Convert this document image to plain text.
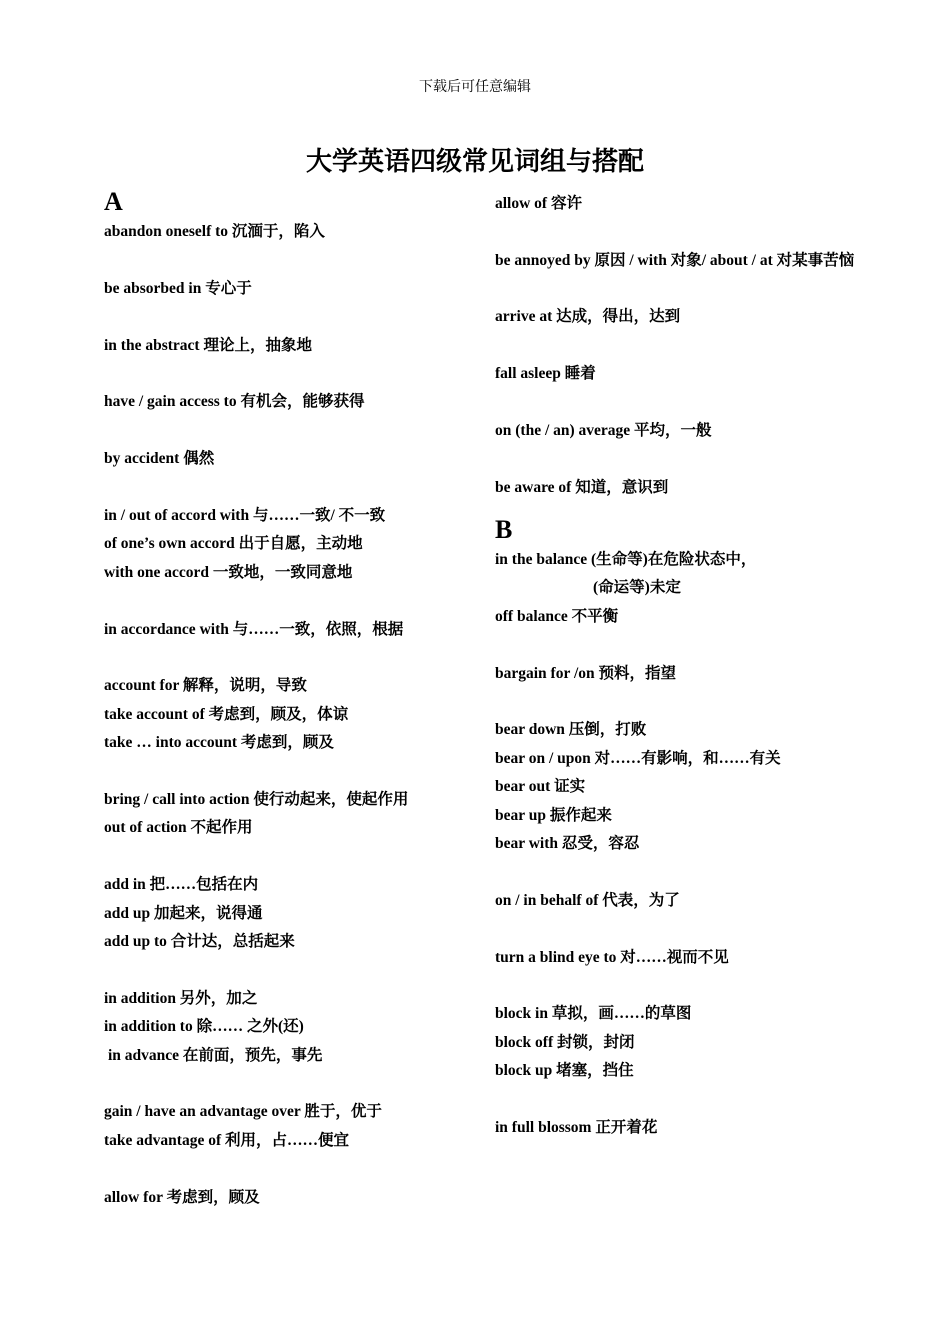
下载后可任意编辑
大学英语四级常见词组与搭配
A
abandon oneself to 沉湎于，陷入
be absorbed in 专心于
in the abstract 理论上，抽象地
have / gain access to 有机会，能够获得
by accident 偶然
in / out of accord with 与……一致/ 不一致
of one’s own accord 出于自愿，主动地
with one accord 一致地，一致同意地
in accordance with 与……一致，依照，根据
account for 解释，说明，导致
take account of 考虑到，顾及，体谅
take … into account 考虑到，顾及
bring / call into action 使行动起来，使起作用
out of action 不起作用
add in 把……包括在内
add up 加起来，说得通
add up to 合计达，总括起来
in addition 另外，加之
in addition to 除…… 之外(还)
in advance 在前面，预先，事先
gain / have an advantage over 胜于，优于
take advantage of 利用，占……便宜
allow for 考虑到，顾及
allow of 容许
be annoyed by 原因 / with 对象/ about / at 对某事苦恼
arrive at 达成，得出，达到
fall asleep 睡着
on (the / an) average 平均，一般
be aware of 知道，意识到
B
in the balance (生命等)在危险状态中，
(命运等)未定
off balance 不平衡
bargain for /on 预料，指望
bear down 压倒，打败
bear on / upon 对……有影响，和……有关
bear out 证实
bear up 振作起来
bear with 忍受，容忍
on / in behalf of 代表，为了
turn a blind eye to 对……视而不见
block in 草拟，画……的草图
block off 封锁，封闭
block up 堵塞，挡住
in full blossom 正开着花
